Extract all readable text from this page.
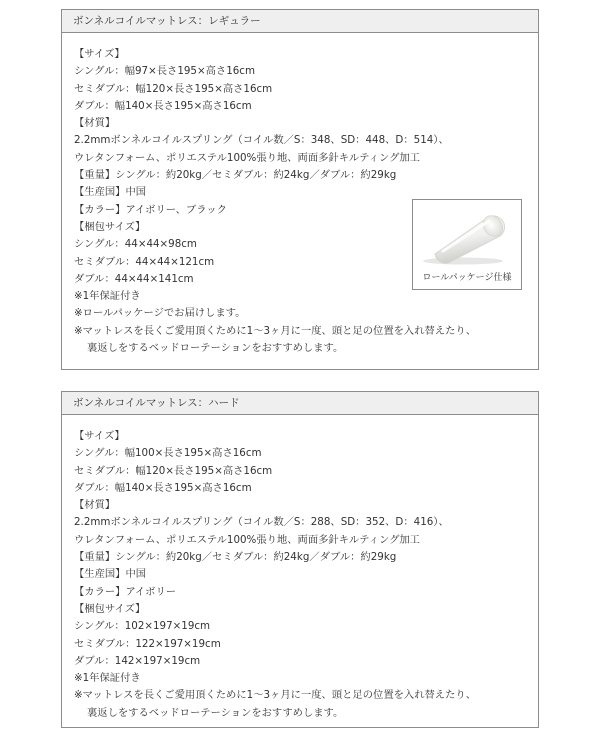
ボンネルコイルマットレス：レギュラー
【サイズ】
シングル：幅97×長さ195×高さ16cm
セミダブル：幅120×長さ195×高さ16cm
ダブル：幅140×長さ195×高さ16cm
【材質】
2.2mmボンネルコイルスプリング（コイル数／S：348、SD：448、D：514）、
ウレタンフォーム、ポリエステル100%張り地、両面多針キルティング加工
【重量】シングル：約20kg／セミダブル：約24kg／ダブル：約29kg
【生産国】中国
【カラー】アイボリー、ブラック
【梱包サイズ】
シングル：44×44×98cm
セミダブル：44×44×121cm
ダブル：44×44×141cm
※1年保証付き
※ロールパッケージでお届けします。
※マットレスを長くご愛用頂くために1〜3ヶ月に一度、頭と足の位置を入れ替えたり、
裏返しをするベッドローテーションをおすすめします。
ロールパッケージ仕様
ボンネルコイルマットレス：ハード
【サイズ】
シングル：幅100×長さ195×高さ16cm
セミダブル：幅120×長さ195×高さ16cm
ダブル：幅140×長さ195×高さ16cm
【材質】
2.2mmボンネルコイルスプリング（コイル数／S：288、SD：352、D：416）、
ウレタンフォーム、ポリエステル100%張り地、両面多針キルティング加工
【重量】シングル：約20kg／セミダブル：約24kg／ダブル：約29kg
【生産国】中国
【カラー】アイボリー
【梱包サイズ】
シングル：102×197×19cm
セミダブル：122×197×19cm
ダブル：142×197×19cm
※1年保証付き
※マットレスを長くご愛用頂くために1〜3ヶ月に一度、頭と足の位置を入れ替えたり、
裏返しをするベッドローテーションをおすすめします。
